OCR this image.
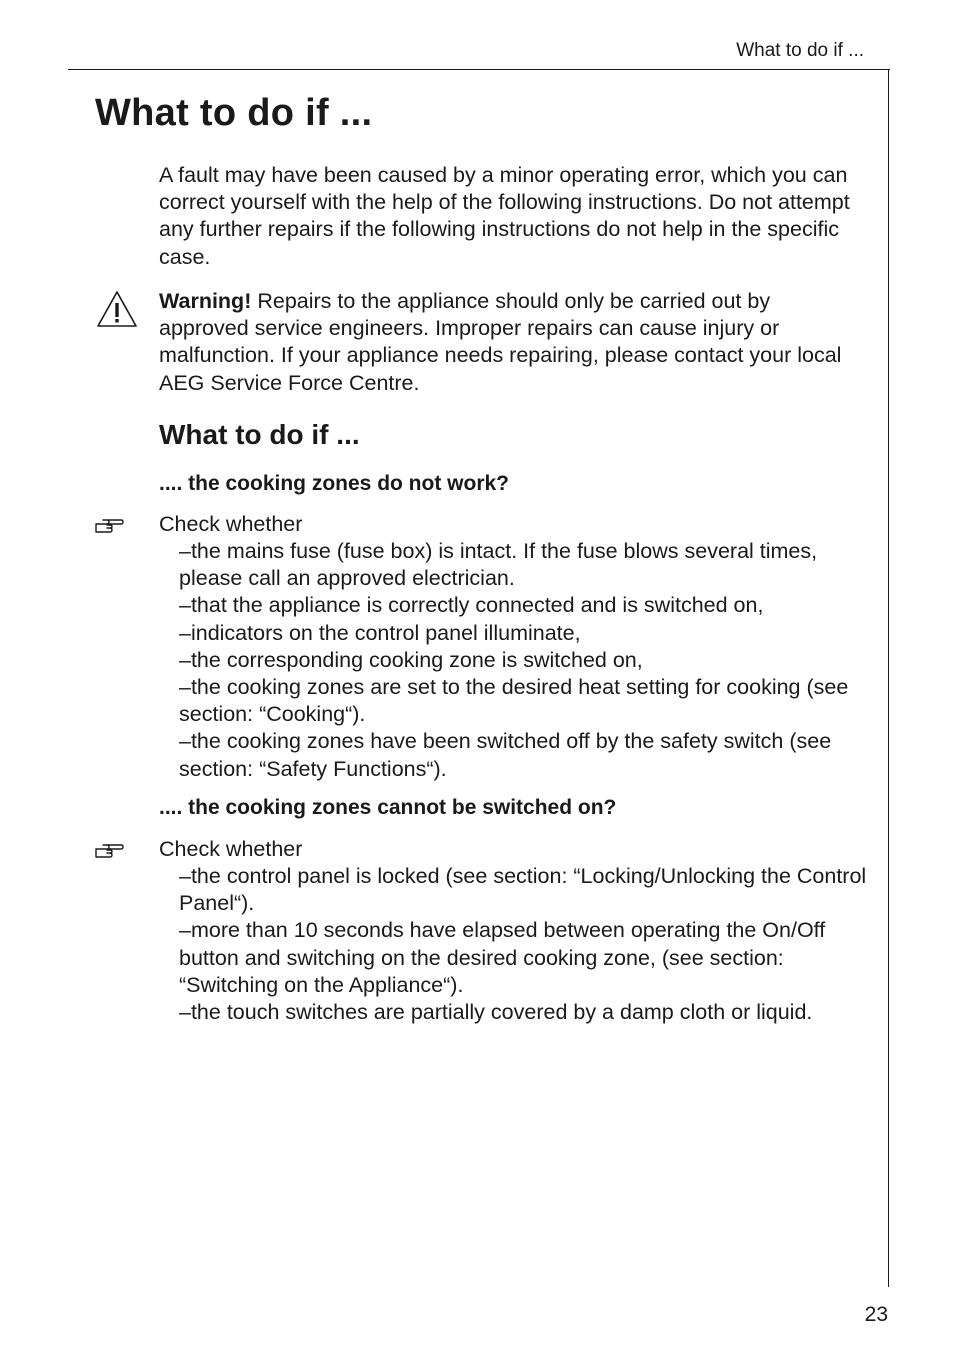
What to do if ...
What to do if ...

A fault may have been caused by a minor operating error, which you can correct yourself with the help of the following instructions. Do not attempt any further repairs if the following instructions do not help in the specific case.

Warning! Repairs to the appliance should only be carried out by approved service engineers. Improper repairs can cause injury or malfunction. If your appliance needs repairing, please contact your local AEG Service Force Centre.

What to do if ...

.... the cooking zones do not work?

Check whether

–the mains fuse (fuse box) is intact. If the fuse blows several times, please call an approved electrician.
–that the appliance is correctly connected and is switched on,
–indicators on the control panel illuminate,
–the corresponding cooking zone is switched on,
–the cooking zones are set to the desired heat setting for cooking (see section: “Cooking“).
–the cooking zones have been switched off by the safety switch (see section: “Safety Functions“).

.... the cooking zones cannot be switched on?

Check whether

–the control panel is locked (see section: “Locking/Unlocking the Control Panel“).
–more than 10 seconds have elapsed between operating the On/Off button and switching on the desired cooking zone, (see section: “Switching on the Appliance“).
–the touch switches are partially covered by a damp cloth or liquid.
23
